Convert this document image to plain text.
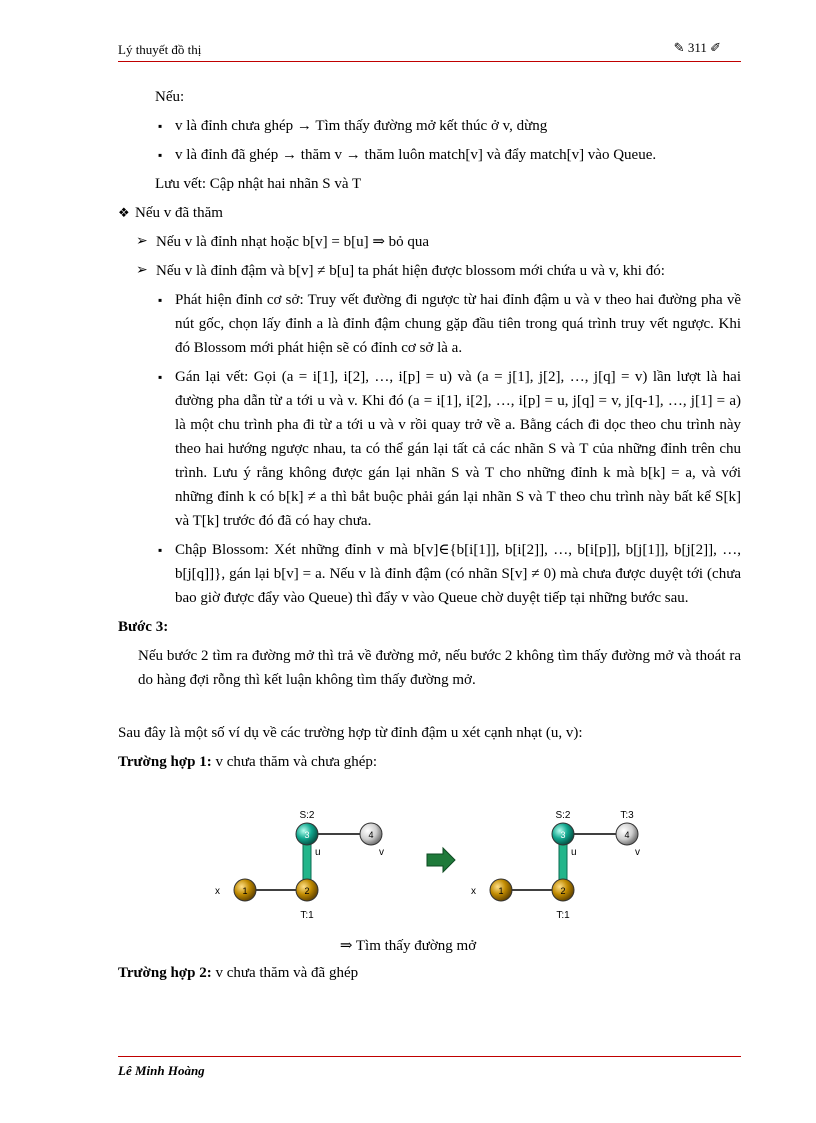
Lý thuyết đồ thị	✎ 311 ✐

Nếu:

▪ v là đỉnh chưa ghép → Tìm thấy đường mở kết thúc ở v, dừng

▪ v là đỉnh đã ghép → thăm v → thăm luôn match[v] và đẩy match[v] vào Queue.

Lưu vết: Cập nhật hai nhãn S và T

❖ Nếu v đã thăm

➢ Nếu v là đỉnh nhạt hoặc b[v] = b[u] ⇒ bỏ qua

➢ Nếu v là đỉnh đậm và b[v] ≠ b[u] ta phát hiện được blossom mới chứa u và v, khi đó:

▪ Phát hiện đỉnh cơ sở: Truy vết đường đi ngược từ hai đỉnh đậm u và v theo hai đường pha về nút gốc, chọn lấy đỉnh a là đỉnh đậm chung gặp đầu tiên trong quá trình truy vết ngược. Khi đó Blossom mới phát hiện sẽ có đỉnh cơ sở là a.

▪ Gán lại vết: Gọi (a = i[1], i[2], …, i[p] = u) và (a = j[1], j[2], …, j[q] = v) lần lượt là hai đường pha dẫn từ a tới u và v. Khi đó (a = i[1], i[2], …, i[p] = u, j[q] = v, j[q-1], …, j[1] = a) là một chu trình pha đi từ a tới u và v rồi quay trở về a. Bằng cách đi dọc theo chu trình này theo hai hướng ngược nhau, ta có thể gán lại tất cả các nhãn S và T của những đỉnh trên chu trình. Lưu ý rằng không được gán lại nhãn S và T cho những đỉnh k mà b[k] = a, và với những đỉnh k có b[k] ≠ a thì bắt buộc phải gán lại nhãn S và T theo chu trình này bất kể S[k] và T[k] trước đó đã có hay chưa.

▪ Chập Blossom: Xét những đỉnh v mà b[v]∈{b[i[1]], b[i[2]], …, b[i[p]], b[j[1]], b[j[2]], …, b[j[q]]}, gán lại b[v] = a. Nếu v là đỉnh đậm (có nhãn S[v] ≠ 0) mà chưa được duyệt tới (chưa bao giờ được đẩy vào Queue) thì đẩy v vào Queue chờ duyệt tiếp tại những bước sau.

Bước 3:

Nếu bước 2 tìm ra đường mở thì trả về đường mở, nếu bước 2 không tìm thấy đường mở và thoát ra do hàng đợi rỗng thì kết luận không tìm thấy đường mở.

Sau đây là một số ví dụ về các trường hợp từ đỉnh đậm u xét cạnh nhạt (u, v):

Trường hợp 1: v chưa thăm và chưa ghép:

S:2
3
u
4
v
x 1	2
T:1
S:2
3
u
T:3
4
v
x 1	2
T:1
⇒ Tìm thấy đường mở
Trường hợp 2: v chưa thăm và đã ghép
Lê Minh Hoàng
